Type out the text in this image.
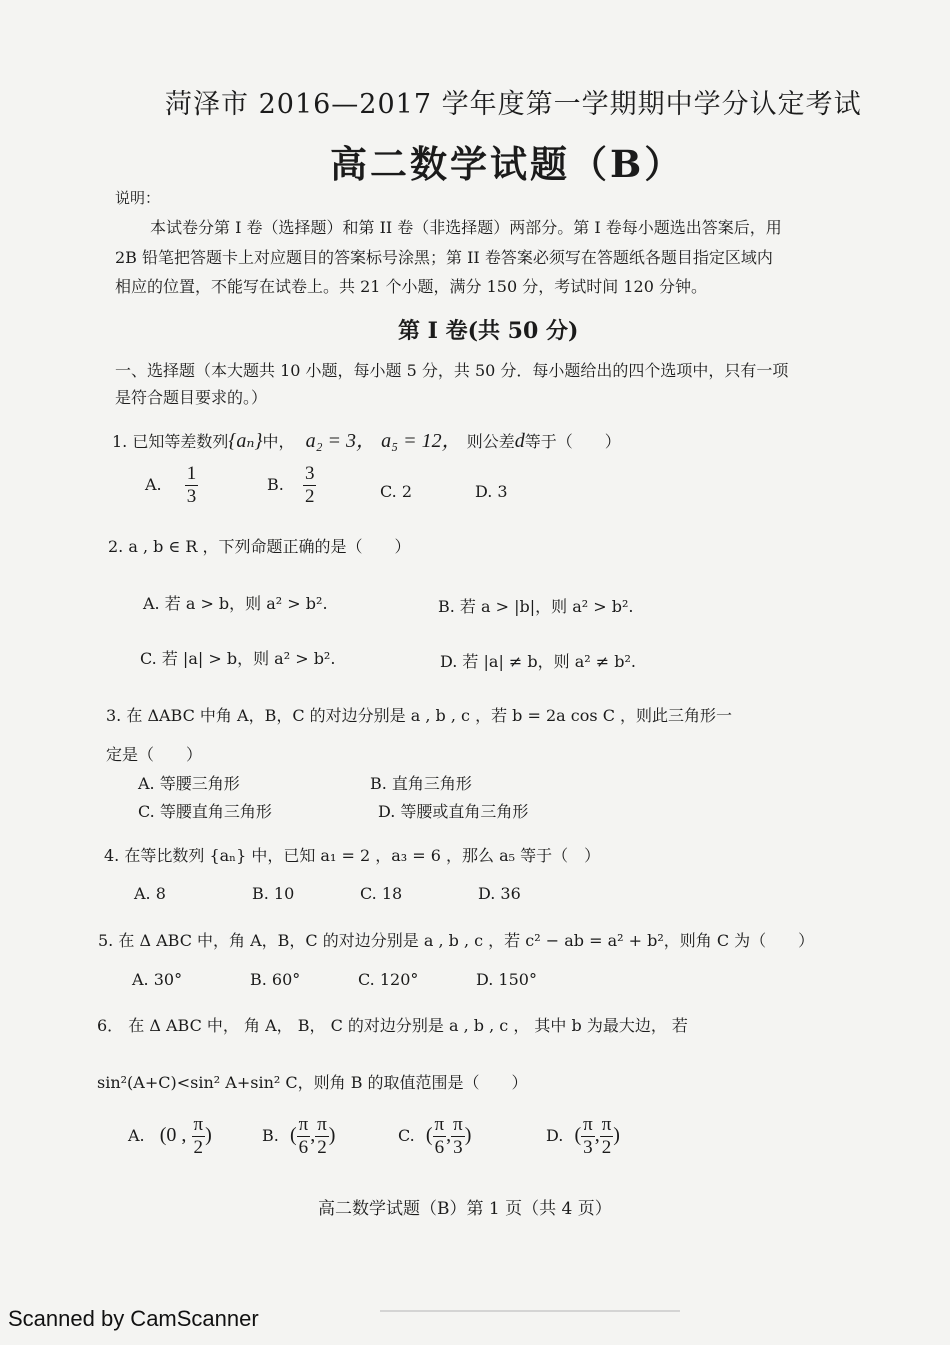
菏泽市 2016—2017 学年度第一学期期中学分认定考试
高二数学试题（B）
说明：
本试卷分第 I 卷（选择题）和第 II 卷（非选择题）两部分。第 I 卷每小题选出答案后，用
2B 铅笔把答题卡上对应题目的答案标号涂黑；第 II 卷答案必须写在答题纸各题目指定区域内
相应的位置，不能写在试卷上。共 21 个小题，满分 150 分，考试时间 120 分钟。
第 I 卷(共 50 分)
一、选择题（本大题共 10 小题，每小题 5 分，共 50 分．每小题给出的四个选项中，只有一项
是符合题目要求的。）
1. 已知等差数列{aₙ}中， a₂ = 3， a₅ = 12， 则公差d等于（　　）
A. $\frac{1}{3}$	B. $\frac{3}{2}$	C. 2	D. 3
2. a , b ∈ R ，下列命题正确的是（　　）
A. 若 a > b，则 a² > b².	B. 若 a > |b|，则 a² > b².
C. 若 |a| > b，则 a² > b².	D. 若 |a| ≠ b，则 a² ≠ b².
3. 在 ΔABC 中角 A，B，C 的对边分别是 a , b , c ，若 b = 2a cos C ，则此三角形一
定是（　　）
A. 等腰三角形	B. 直角三角形
C. 等腰直角三角形	D. 等腰或直角三角形
4. 在等比数列 {aₙ} 中，已知 a₁ = 2 ，a₃ = 6 ，那么 a₅ 等于（　）
A. 8	B. 10	C. 18	D. 36
5. 在 Δ ABC 中，角 A，B，C 的对边分别是 a , b , c ，若 c² − ab = a² + b²，则角 C 为（　　）
A. 30°	B. 60°	C. 120°	D. 150°
6． 在 Δ ABC 中， 角 A， B， C 的对边分别是 a , b , c ， 其中 b 为最大边， 若
sin²(A+C)<sin² A+sin² C，则角 B 的取值范围是（　　）
A. (0 , $\frac{\pi}{2}$ )	B. ( $\frac{\pi}{6}$ , $\frac{\pi}{2}$ )	C. ( $\frac{\pi}{6}$ , $\frac{\pi}{3}$ )	D. ( $\frac{\pi}{3}$ , $\frac{\pi}{2}$ )
高二数学试题（B）第 1 页（共 4 页）
Scanned by CamScanner
